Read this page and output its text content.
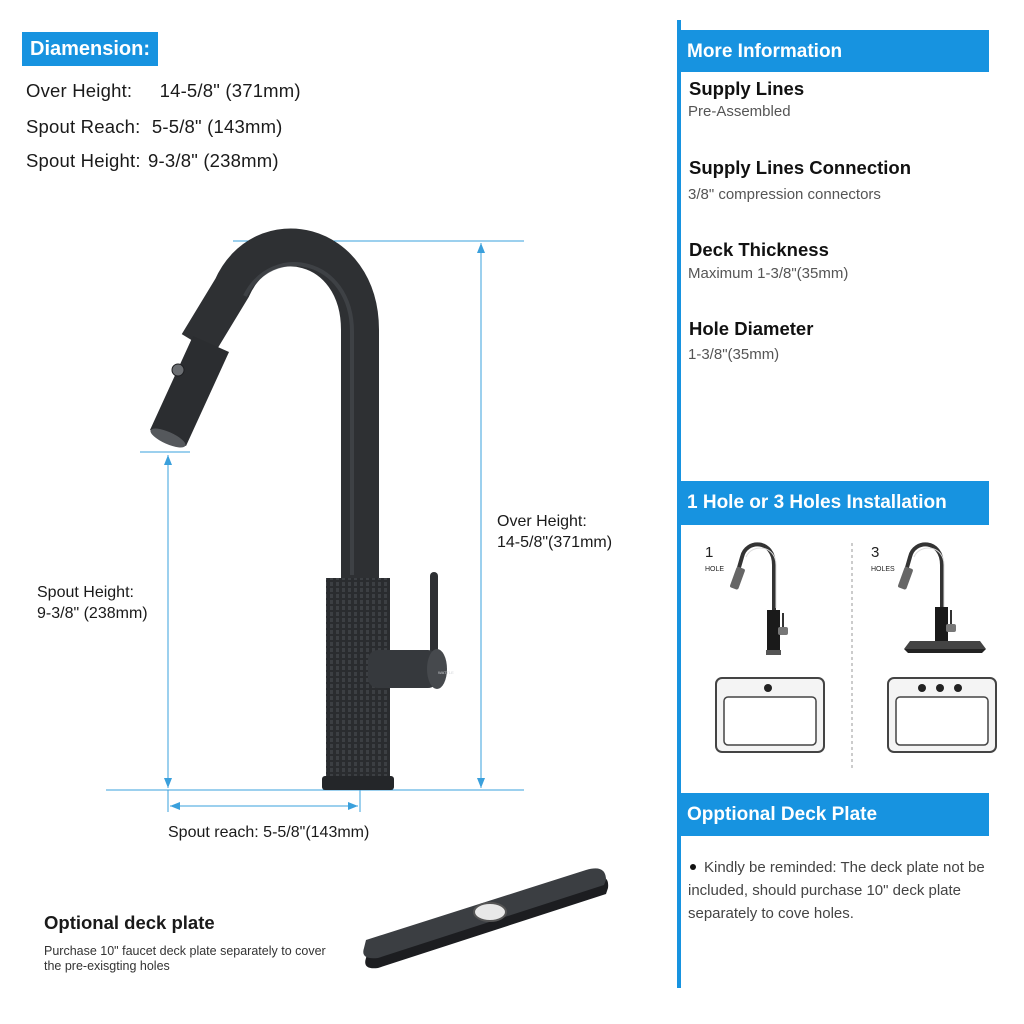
Diamension:
Over Height: 14-5/8" (371mm)
Spout Reach: 5-5/8" (143mm)
Spout Height: 9-3/8" (238mm)
WATTLE
Over Height:
14-5/8"(371mm)
Spout Height:
9-3/8" (238mm)
Spout reach: 5-5/8"(143mm)
Optional deck plate
Purchase 10" faucet deck plate separately to cover the pre-exisgting holes
More Information
Supply Lines
Pre-Assembled
Supply Lines Connection
3/8" compression connectors
Deck Thickness
Maximum 1-3/8"(35mm)
Hole Diameter
1-3/8"(35mm)
1 Hole or 3 Holes Installation
1
HOLE
3
HOLES
Opptional Deck Plate
Kindly be reminded: The deck plate not be included, should purchase 10" deck plate separately to cove holes.
